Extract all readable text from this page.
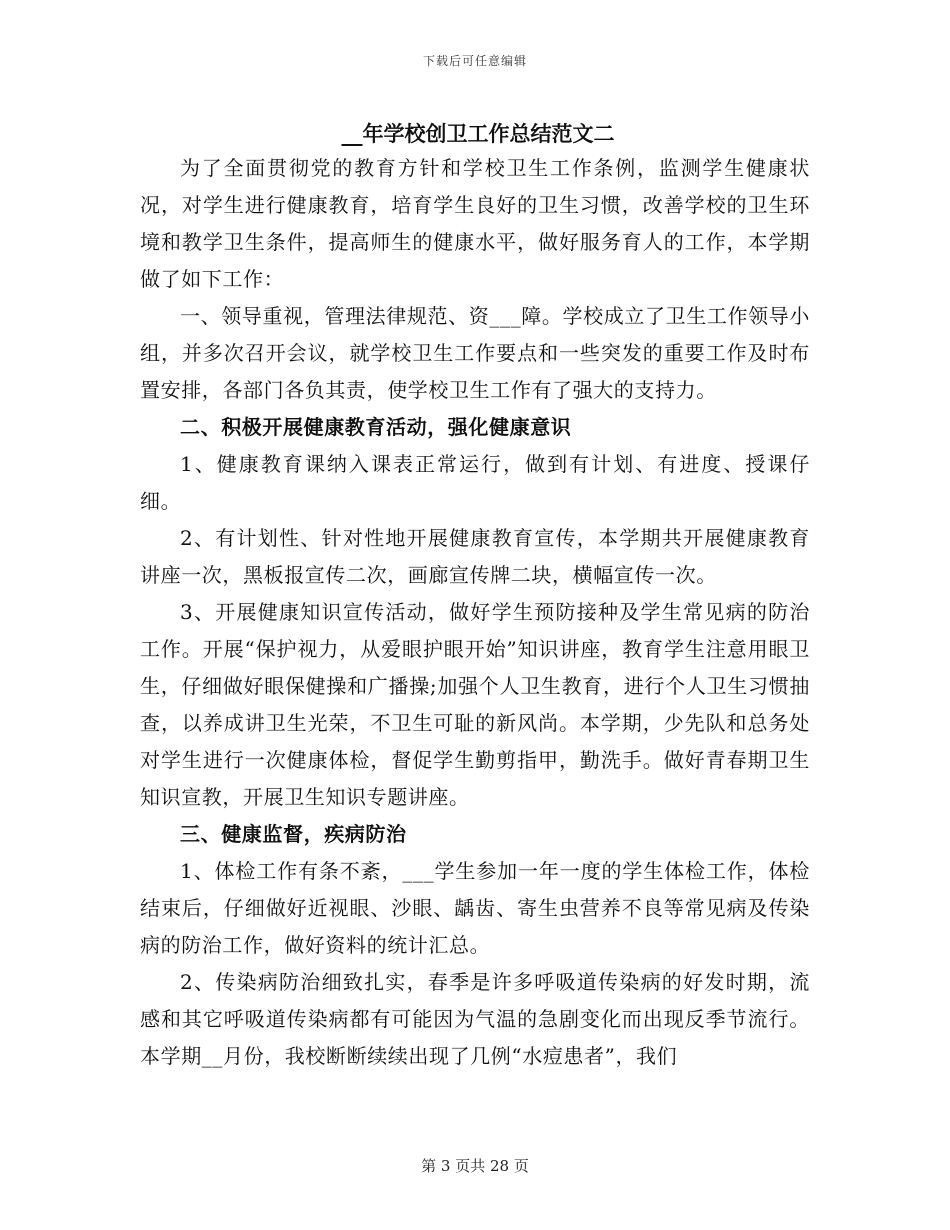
下载后可任意编辑
__年学校创卫工作总结范文二

为了全面贯彻党的教育方针和学校卫生工作条例，监测学生健康状况，对学生进行健康教育，培育学生良好的卫生习惯，改善学校的卫生环境和教学卫生条件，提高师生的健康水平，做好服务育人的工作，本学期做了如下工作：

一、领导重视，管理法律规范、资___障。学校成立了卫生工作领导小组，并多次召开会议，就学校卫生工作要点和一些突发的重要工作及时布置安排，各部门各负其责，使学校卫生工作有了强大的支持力。

二、积极开展健康教育活动，强化健康意识

1、健康教育课纳入课表正常运行，做到有计划、有进度、授课仔细。

2、有计划性、针对性地开展健康教育宣传，本学期共开展健康教育讲座一次，黑板报宣传二次，画廊宣传牌二块，横幅宣传一次。

3、开展健康知识宣传活动，做好学生预防接种及学生常见病的防治工作。开展“保护视力，从爱眼护眼开始”知识讲座，教育学生注意用眼卫生，仔细做好眼保健操和广播操;加强个人卫生教育，进行个人卫生习惯抽查，以养成讲卫生光荣，不卫生可耻的新风尚。本学期，少先队和总务处对学生进行一次健康体检，督促学生勤剪指甲，勤洗手。做好青春期卫生知识宣教，开展卫生知识专题讲座。

三、健康监督，疾病防治

1、体检工作有条不紊，___学生参加一年一度的学生体检工作，体检结束后，仔细做好近视眼、沙眼、龋齿、寄生虫营养不良等常见病及传染病的防治工作，做好资料的统计汇总。

2、传染病防治细致扎实，春季是许多呼吸道传染病的好发时期，流感和其它呼吸道传染病都有可能因为气温的急剧变化而出现反季节流行。本学期__月份，我校断断续续出现了几例“水痘患者”，我们

第 3 页共 28 页
